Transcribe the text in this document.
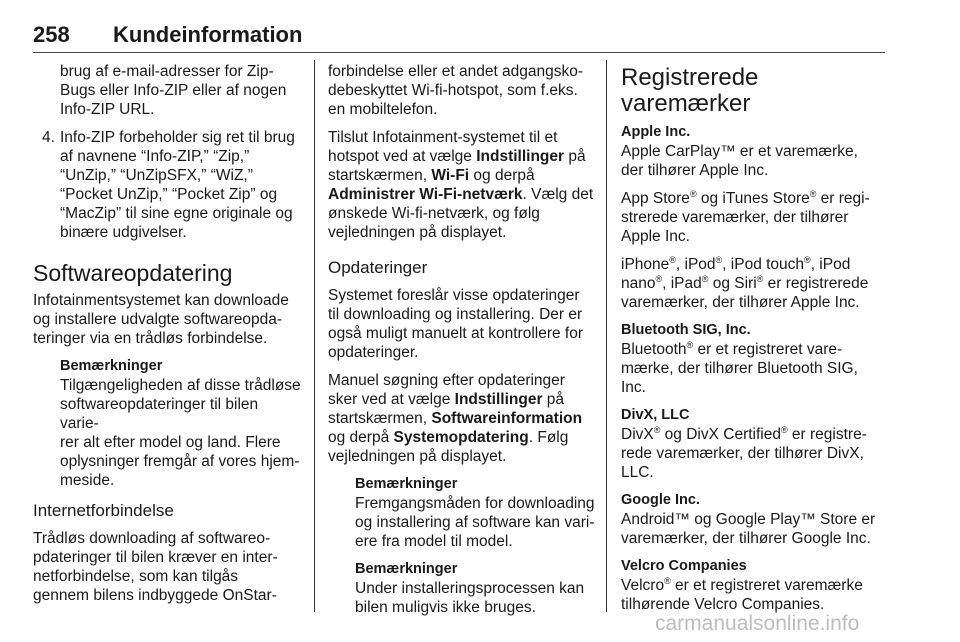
258 Kundeinformation

brug af e-mail-adresser for Zip-
Bugs eller Info-ZIP eller af nogen
Info-ZIP URL.

4. Info-ZIP forbeholder sig ret til brug
af navnene “Info-ZIP,” “Zip,”
“UnZip,” “UnZipSFX,” “WiZ,”
“Pocket UnZip,” “Pocket Zip” og
“MacZip” til sine egne originale og
binære udgivelser.
Softwareopdatering

Infotainmentsystemet kan downloade
og installere udvalgte softwareopda-
teringer via en trådløs forbindelse.

Bemærkninger

Tilgængeligheden af disse trådløse
softwareopdateringer til bilen varie-
rer alt efter model og land. Flere
oplysninger fremgår af vores hjem-
meside.

Internetforbindelse

Trådløs downloading af softwareo-
pdateringer til bilen kræver en inter-
netforbindelse, som kan tilgås
gennem bilens indbyggede OnStar-

forbindelse eller et andet adgangsko-
debeskyttet Wi-fi-hotspot, som f.eks.
en mobiltelefon.

Tilslut Infotainment-systemet til et
hotspot ved at vælge Indstillinger på
startskærmen, Wi-Fi og derpå
Administrer Wi-Fi-netværk. Vælg det
ønskede Wi-fi-netværk, og følg
vejledningen på displayet.

Opdateringer

Systemet foreslår visse opdateringer
til downloading og installering. Der er
også muligt manuelt at kontrollere for
opdateringer.

Manuel søgning efter opdateringer
sker ved at vælge Indstillinger på
startskærmen, Softwareinformation
og derpå Systemopdatering. Følg
vejledningen på displayet.

Bemærkninger

Fremgangsmåden for downloading
og installering af software kan vari-
ere fra model til model.

Bemærkninger

Under installeringsprocessen kan
bilen muligvis ikke bruges.

Registrerede varemærker
Apple Inc.

Apple CarPlay™ er et varemærke,
der tilhører Apple Inc.

App Store® og iTunes Store® er regi-
strerede varemærker, der tilhører
Apple Inc.

iPhone®, iPod®, iPod touch®, iPod
nano®, iPad® og Siri® er registrerede
varemærker, der tilhører Apple Inc.

Bluetooth SIG, Inc.

Bluetooth® er et registreret vare-
mærke, der tilhører Bluetooth SIG,
Inc.

DivX, LLC

DivX® og DivX Certified® er registre-
rede varemærker, der tilhører DivX,
LLC.

Google Inc.

Android™ og Google Play™ Store er
varemærker, der tilhører Google Inc.

Velcro Companies

Velcro® er et registreret varemærke
tilhørende Velcro Companies.

carmanualsonline.info
